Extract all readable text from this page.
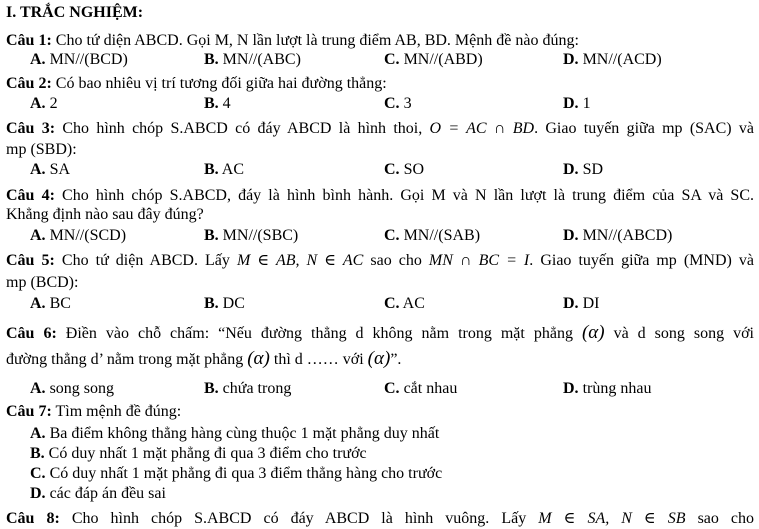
I. TRẮC NGHIỆM:
Câu 1: Cho tứ diện ABCD. Gọi M, N lần lượt là trung điểm AB, BD. Mệnh đề nào đúng:
A. MN//(BCD)	B. MN//(ABC)	C. MN//(ABD)	D. MN//(ACD)
Câu 2: Có bao nhiêu vị trí tương đối giữa hai đường thẳng:
A. 2	B. 4	C. 3	D. 1
Câu 3: Cho hình chóp S.ABCD có đáy ABCD là hình thoi, O = AC ∩ BD. Giao tuyến giữa mp (SAC) và
mp (SBD):
A. SA	B. AC	C. SO	D. SD
Câu 4: Cho hình chóp S.ABCD, đáy là hình bình hành. Gọi M và N lần lượt là trung điểm của SA và SC.
Khẳng định nào sau đây đúng?
A. MN//(SCD)	B. MN//(SBC)	C. MN//(SAB)	D. MN//(ABCD)
Câu 5: Cho tứ diện ABCD. Lấy M ∈ AB, N ∈ AC sao cho MN ∩ BC = I. Giao tuyến giữa mp (MND) và
mp (BCD):
A. BC	B. DC	C. AC	D. DI
Câu 6: Điền vào chỗ chấm: “Nếu đường thẳng d không nằm trong mặt phẳng (α) và d song song với
đường thẳng d’ nằm trong mặt phẳng (α) thì d …… với (α)”.
A. song song	B. chứa trong	C. cắt nhau	D. trùng nhau
Câu 7: Tìm mệnh đề đúng:
A. Ba điểm không thẳng hàng cùng thuộc 1 mặt phẳng duy nhất
B. Có duy nhất 1 mặt phẳng đi qua 3 điểm cho trước
C. Có duy nhất 1 mặt phẳng đi qua 3 điểm thẳng hàng cho trước
D. các đáp án đều sai
Câu 8: Cho hình chóp S.ABCD có đáy ABCD là hình vuông. Lấy M ∈ SA, N ∈ SB sao cho
